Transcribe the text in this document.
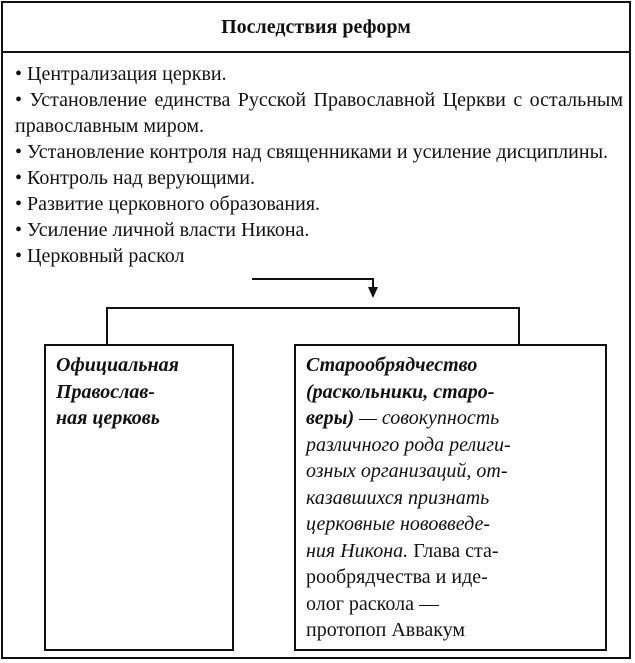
Последствия реформ
• Централизация церкви.
• Установление единства Русской Православной Церкви с остальным православным миром.
• Установление контроля над священниками и усиление дисциплины.
• Контроль над верующими.
• Развитие церковного образования.
• Усиление личной власти Никона.
• Церковный раскол
Официальная
Православ-
ная церковь
Старообрядчество
(раскольники, старо-
веры) — совокупность
различного рода религи-
озных организаций, от-
казавшихся признать
церковные нововведе-
ния Никона. Глава ста-
рообрядчества и иде-
олог раскола —
протопоп Аввакум
